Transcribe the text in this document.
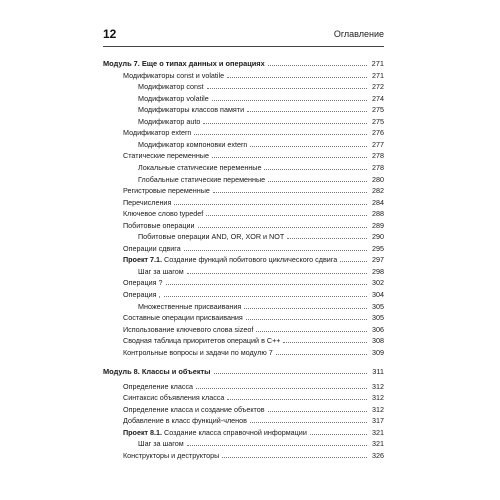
12	Оглавление
Модуль 7. Еще о типах данных и операциях	271
Модификаторы const и volatile	271
Модификатор const	272
Модификатор volatile	274
Модификаторы классов памяти	275
Модификатор auto	275
Модификатор extern	276
Модификатор компоновки extern	277
Статические переменные	278
Локальные статические переменные	278
Глобальные статические переменные	280
Регистровые переменные	282
Перечисления	284
Ключевое слово typedef	288
Побитовые операции	289
Побитовые операции AND, OR, XOR и NOT	290
Операции сдвига	295
Проект 7.1. Создание функций побитового циклического сдвига	297
Шаг за шагом	298
Операция ?	302
Операция ,	304
Множественные присваивания	305
Составные операции присваивания	305
Использование ключевого слова sizeof	306
Сводная таблица приоритетов операций в C++	308
Контрольные вопросы и задачи по модулю 7	309
Модуль 8. Классы и объекты	311
Определение класса	312
Синтаксис объявления класса	312
Определение класса и создание объектов	312
Добавление в класс функций-членов	317
Проект 8.1. Создание класса справочной информации	321
Шаг за шагом	321
Конструкторы и деструкторы	326
